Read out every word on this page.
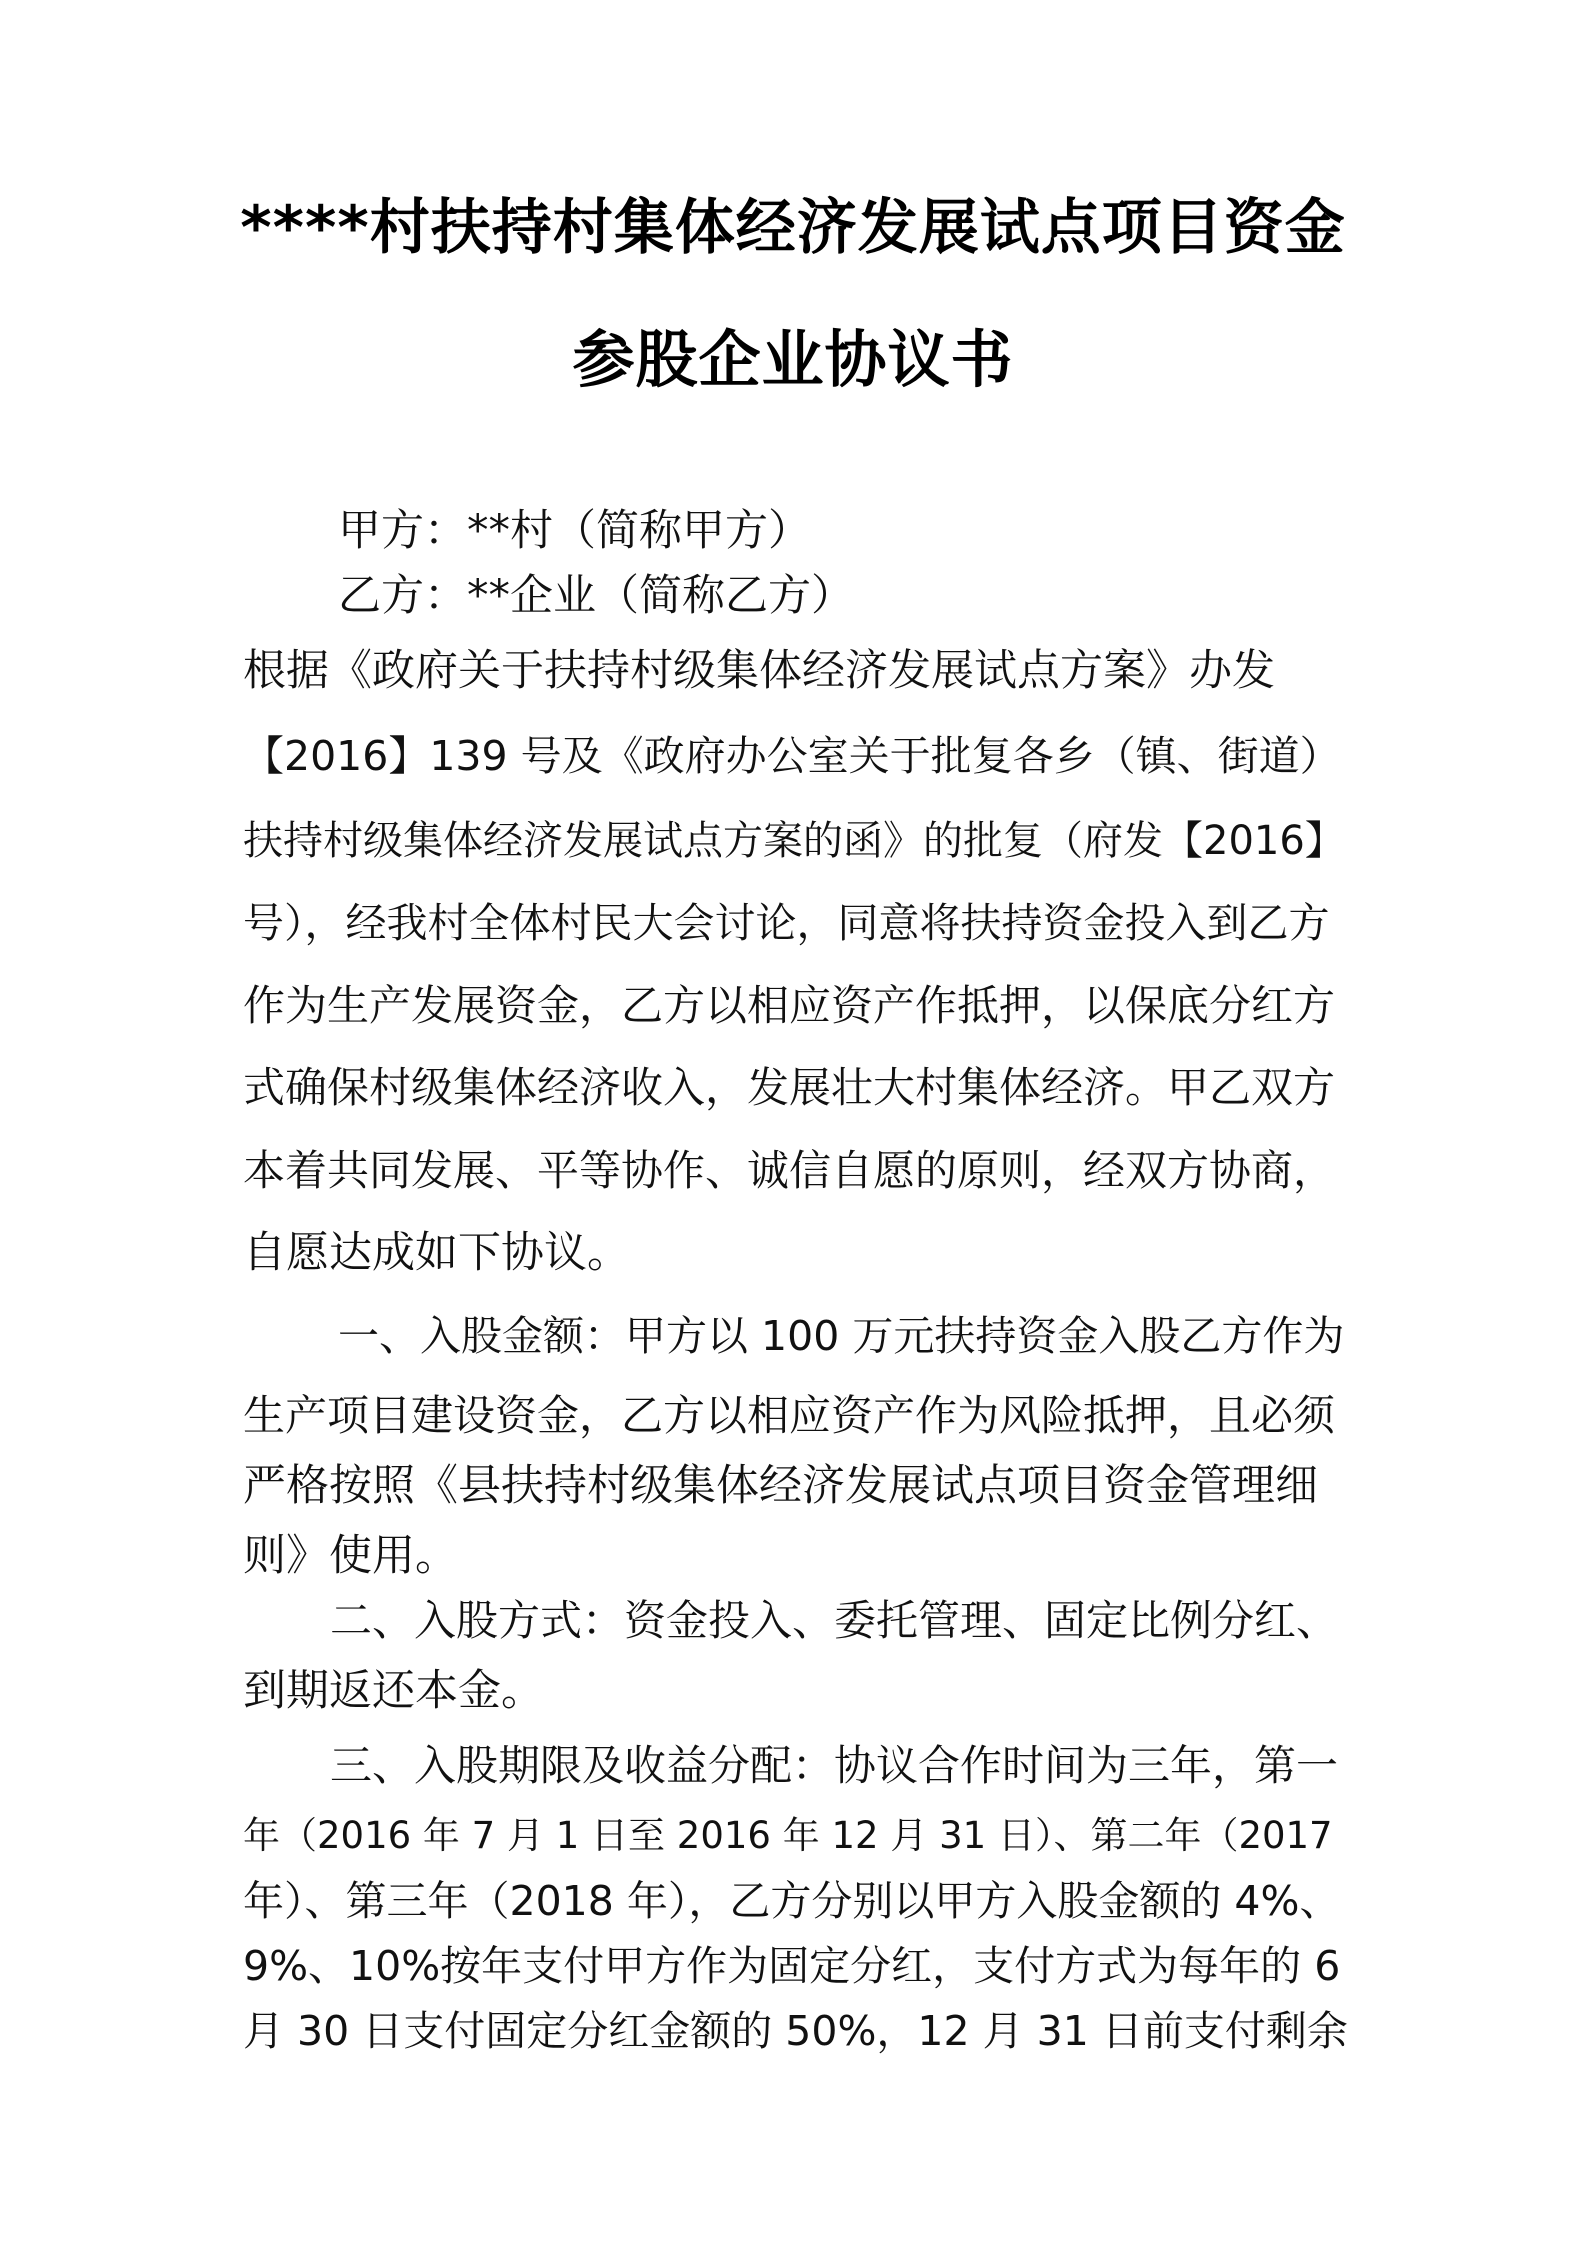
****村扶持村集体经济发展试点项目资金
参股企业协议书
甲方：**村（简称甲方）
乙方：**企业（简称乙方）
根据《政府关于扶持村级集体经济发展试点方案》办发
【2016】139 号及《政府办公室关于批复各乡（镇、街道）
扶持村级集体经济发展试点方案的函》的批复（府发【2016】
号），经我村全体村民大会讨论，同意将扶持资金投入到乙方
作为生产发展资金，乙方以相应资产作抵押，以保底分红方
式确保村级集体经济收入，发展壮大村集体经济。甲乙双方
本着共同发展、平等协作、诚信自愿的原则，经双方协商，
自愿达成如下协议。
一、入股金额：甲方以 100 万元扶持资金入股乙方作为
生产项目建设资金，乙方以相应资产作为风险抵押，且必须
严格按照《县扶持村级集体经济发展试点项目资金管理细
则》使用。
二、入股方式：资金投入、委托管理、固定比例分红、
到期返还本金。
三、入股期限及收益分配：协议合作时间为三年，第一
年（2016 年 7 月 1 日至 2016 年 12 月 31 日）、第二年（2017
年）、第三年（2018 年），乙方分别以甲方入股金额的 4%、
9%、10%按年支付甲方作为固定分红，支付方式为每年的 6
月 30 日支付固定分红金额的 50%，12 月 31 日前支付剩余
